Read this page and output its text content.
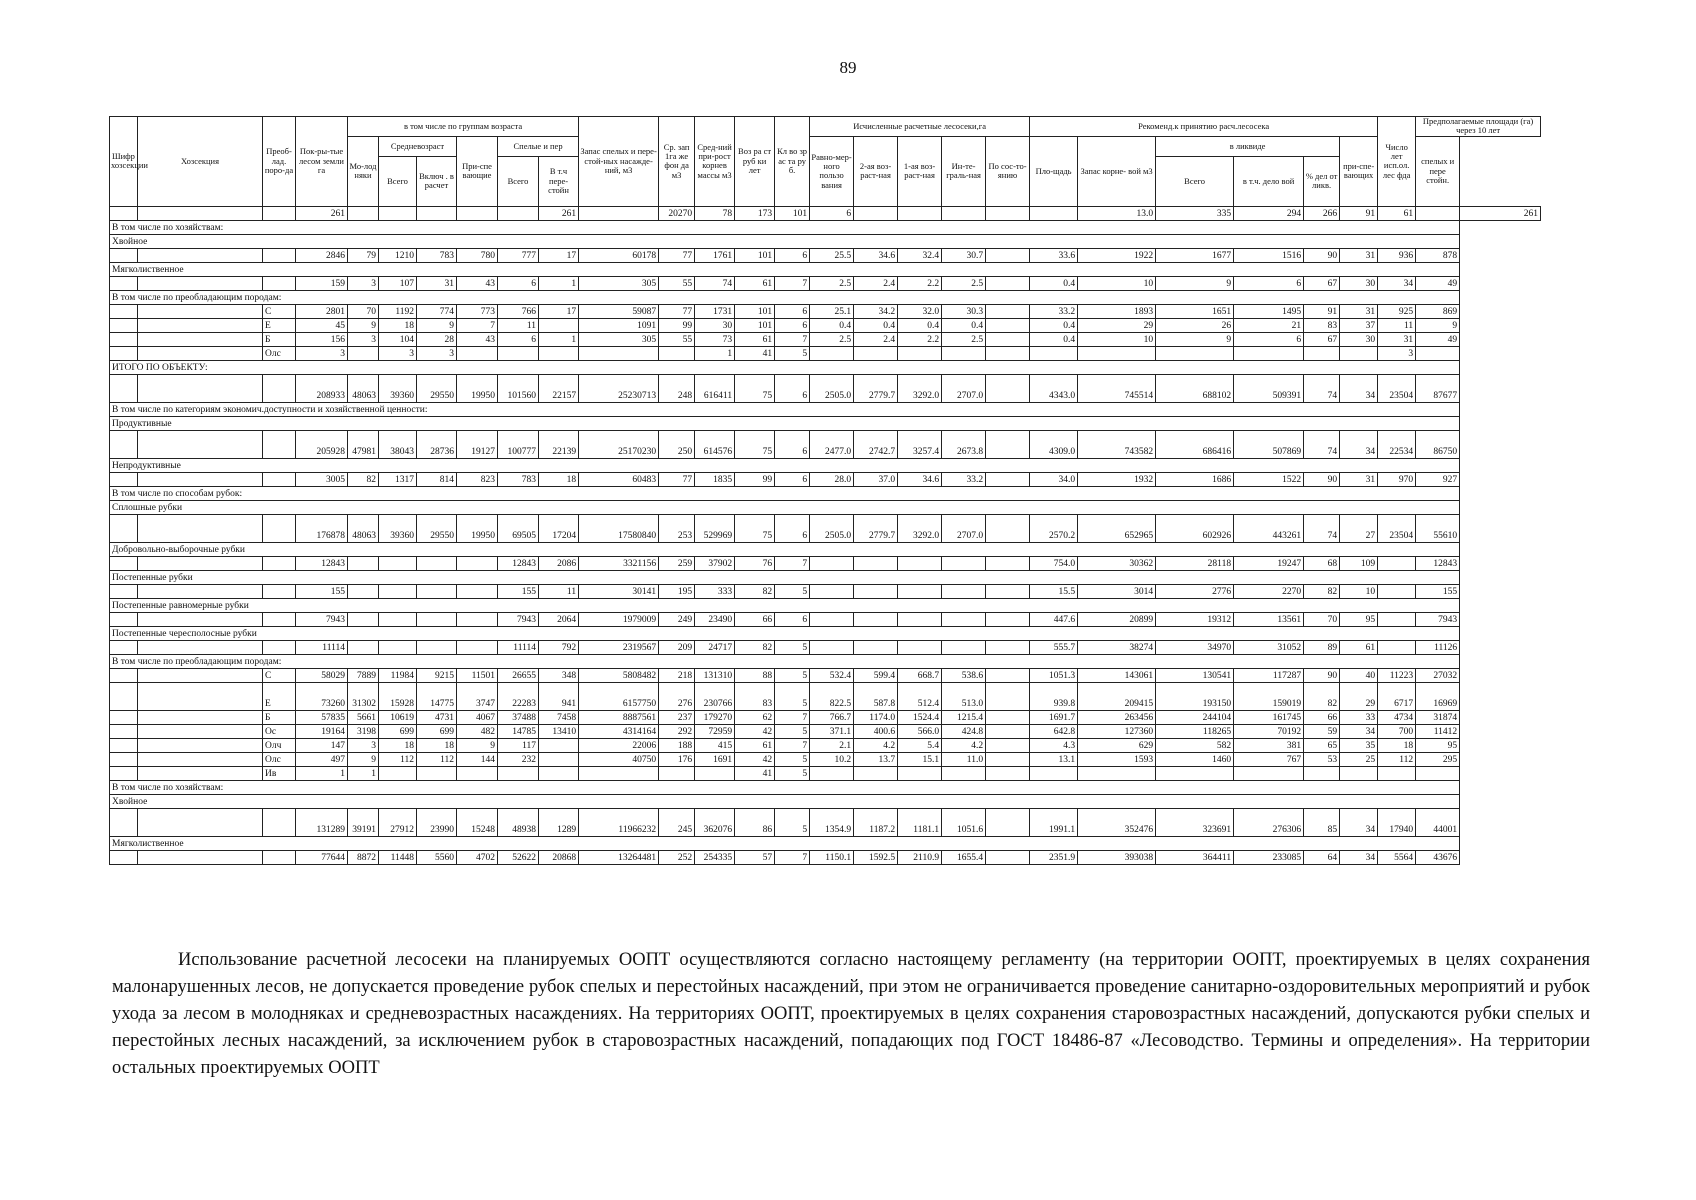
89
Шифр хозсекции	Хозсекция	Преоб-лад. поро-да	Пок-ры-тые лесом земли га	в том числе по группам возраста						Запас спелых и пере- стой-ных насажде-ний, м3	Ср. зап 1га же фон да м3	Сред-ний при-рост корнев массы м3	Воз ра ст руб ки лет	Кл во зр ас та ру б.	Исчисленные расчетные лесосеки,га					Рекоменд.к принятию расч.лесосека						Число лет исп.ол. лес фда	Предполагаемые площади (га) через 10 лет	
				Мо-лод няки	Средневозраст		При-спе вающие	Спелые и пер							Равно-мер-ного пользо вания	2-ая воз-раст-ная	1-ая воз-раст-ная	Ин-те-граль-ная	По сос-то-янию	Пло-щадь	Запас корне- вой м3	в ликвиде			при-спе-вающих		спелых и пере стойн.	
					Всего	Включ . в расчет		Всего	В т.ч пере-стойн													Всего	в т.ч. дело вой	% дел от ликв.				
			261						261		20270	78	173	101	6						13.0	335	294	266	91	61		261
В том числе по хозяйствам:																												
Хвойное																												
			2846	79	1210	783	780	777	17	60178	77	1761	101	6	25.5	34.6	32.4	30.7		33.6	1922	1677	1516	90	31	936	878	
Мягколиственное																												
			159	3	107	31	43	6	1	305	55	74	61	7	2.5	2.4	2.2	2.5		0.4	10	9	6	67	30	34	49	
В том числе по преобладающим породам:																												
		С	2801	70	1192	774	773	766	17	59087	77	1731	101	6	25.1	34.2	32.0	30.3		33.2	1893	1651	1495	91	31	925	869	
		Е	45	9	18	9	7	11		1091	99	30	101	6	0.4	0.4	0.4	0.4		0.4	29	26	21	83	37	11	9	
		Б	156	3	104	28	43	6	1	305	55	73	61	7	2.5	2.4	2.2	2.5		0.4	10	9	6	67	30	31	49	
		Олс	3		3	3						1	41	5												3		
ИТОГО ПО ОБЪЕКТУ:																												
			208933	48063	39360	29550	19950	101560	22157	25230713	248	616411	75	6	2505.0	2779.7	3292.0	2707.0		4343.0	745514	688102	509391	74	34	23504	87677	
В том числе по категориям экономич.доступности и хозяйственной ценности:																												
Продуктивные																												
			205928	47981	38043	28736	19127	100777	22139	25170230	250	614576	75	6	2477.0	2742.7	3257.4	2673.8		4309.0	743582	686416	507869	74	34	22534	86750	
Непродуктивные																												
			3005	82	1317	814	823	783	18	60483	77	1835	99	6	28.0	37.0	34.6	33.2		34.0	1932	1686	1522	90	31	970	927	
В том числе по способам рубок:																												
Сплошные рубки																												
			176878	48063	39360	29550	19950	69505	17204	17580840	253	529969	75	6	2505.0	2779.7	3292.0	2707.0		2570.2	652965	602926	443261	74	27	23504	55610	
Добровольно-выборочные рубки																												
			12843					12843	2086	3321156	259	37902	76	7						754.0	30362	28118	19247	68	109		12843	
Постепенные рубки																												
			155					155	11	30141	195	333	82	5						15.5	3014	2776	2270	82	10		155	
Постепенные равномерные рубки																												
			7943					7943	2064	1979009	249	23490	66	6						447.6	20899	19312	13561	70	95		7943	
Постепенные чересполосные рубки																												
			11114					11114	792	2319567	209	24717	82	5						555.7	38274	34970	31052	89	61		11126	
В том числе по преобладающим породам:																												
		С	58029	7889	11984	9215	11501	26655	348	5808482	218	131310	88	5	532.4	599.4	668.7	538.6		1051.3	143061	130541	117287	90	40	11223	27032	
		Е	73260	31302	15928	14775	3747	22283	941	6157750	276	230766	83	5	822.5	587.8	512.4	513.0		939.8	209415	193150	159019	82	29	6717	16969	
		Б	57835	5661	10619	4731	4067	37488	7458	8887561	237	179270	62	7	766.7	1174.0	1524.4	1215.4		1691.7	263456	244104	161745	66	33	4734	31874	
		Ос	19164	3198	699	699	482	14785	13410	4314164	292	72959	42	5	371.1	400.6	566.0	424.8		642.8	127360	118265	70192	59	34	700	11412	
		Олч	147	3	18	18	9	117		22006	188	415	61	7	2.1	4.2	5.4	4.2		4.3	629	582	381	65	35	18	95	
		Олс	497	9	112	112	144	232		40750	176	1691	42	5	10.2	13.7	15.1	11.0		13.1	1593	1460	767	53	25	112	295	
		Ив	1	1									41	5														
В том числе по хозяйствам:																												
Хвойное																												
			131289	39191	27912	23990	15248	48938	1289	11966232	245	362076	86	5	1354.9	1187.2	1181.1	1051.6		1991.1	352476	323691	276306	85	34	17940	44001	
Мягколиственное																												
			77644	8872	11448	5560	4702	52622	20868	13264481	252	254335	57	7	1150.1	1592.5	2110.9	1655.4		2351.9	393038	364411	233085	64	34	5564	43676	

Использование расчетной лесосеки на планируемых ООПТ осуществляются согласно настоящему регламенту (на территории ООПТ, проектируемых в целях сохранения малонарушенных лесов, не допускается проведение рубок спелых и перестойных насаждений, при этом не ограничивается проведение санитарно-оздоровительных мероприятий и рубок ухода за лесом в молодняках и средневозрастных насаждениях. На территориях ООПТ, проектируемых в целях сохранения старовозрастных насаждений, допускаются рубки спелых и перестойных лесных насаждений, за исключением рубок в старовозрастных насаждений, попадающих под ГОСТ 18486-87 «Лесоводство. Термины и определения». На территории остальных проектируемых ООПТ
